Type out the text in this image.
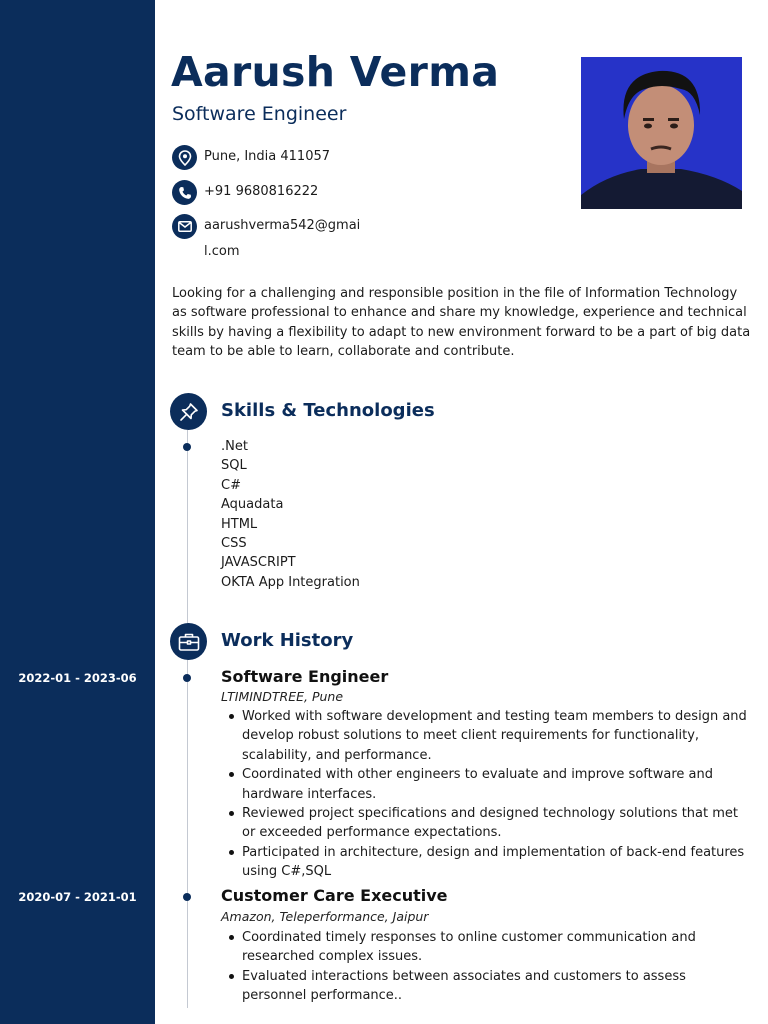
2022-01 - 2023-06
2020-07 - 2021-01
Aarush Verma
Software Engineer
Pune, India 411057
+91 9680816222
aarushverma542@gmai
l.com

Looking for a challenging and responsible position in the file of Information Technology as software professional to enhance and share my knowledge, experience and technical skills by having a flexibility to adapt to new environment forward to be a part of big data team to be able to learn, collaborate and contribute.

Skills & Technologies
.Net
SQL
C#
Aquadata
HTML
CSS
JAVASCRIPT
OKTA App Integration
Work History
Software Engineer
LTIMINDTREE, Pune
Worked with software development and testing team members to design and develop robust solutions to meet client requirements for functionality, scalability, and performance.
Coordinated with other engineers to evaluate and improve software and hardware interfaces.
Reviewed project specifications and designed technology solutions that met or exceeded performance expectations.
Participated in architecture, design and implementation of back-end features using C#,SQL
Customer Care Executive
Amazon, Teleperformance, Jaipur
Coordinated timely responses to online customer communication and researched complex issues.
Evaluated interactions between associates and customers to assess personnel performance..
